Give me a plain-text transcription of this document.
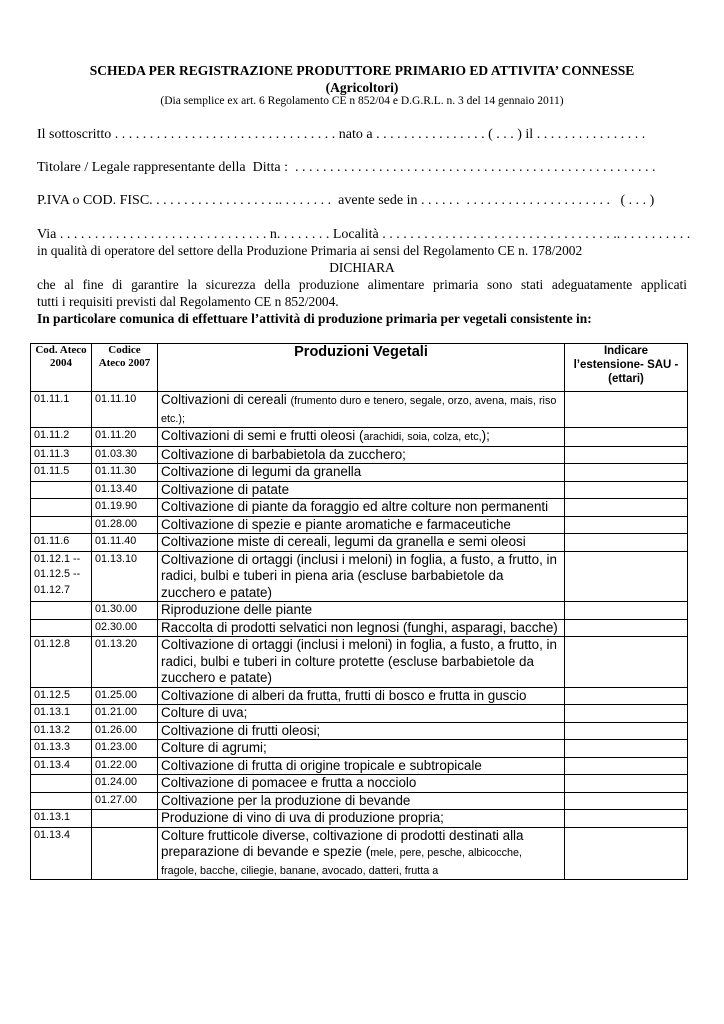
SCHEDA PER REGISTRAZIONE PRODUTTORE PRIMARIO ED ATTIVITA’ CONNESSE
(Agricoltori)
(Dia semplice ex art. 6 Regolamento CE n 852/04 e D.G.R.L. n. 3 del 14 gennaio 2011)
Il sottoscritto . . . . . . . . . . . . . . . . . . . . . . . . . . . . . . . . nato a . . . . . . . . . . . . . . . . ( . . . ) il . . . . . . . . . . . . . . . .
Titolare / Legale rappresentante della  Ditta :  . . . . . . . . . . . . . . . . . . . . . . . . . . . . . . . . . . . . . . . . . . . . . . . . . . . .
P.IVA o COD. FISC. . . . . . . . . . . . . . . . . . .. . . . . . . .  avente sede in . . . . . .  . . . . . . . . . . . . . . . . . . . . .   ( . . . )
Via . . . . . . . . . . . . . . . . . . . . . . . . . . . . . . n. . . . . . . . Località . . . . . . . . . . . . . . . . . . . . . . . . . . . . . . . . . .. . . . . . . . . . .
in qualità di operatore del settore della Produzione Primaria ai sensi del Regolamento CE n. 178/2002
DICHIARA
che al fine di garantire la sicurezza della produzione alimentare primaria sono stati adeguatamente applicati
tutti i requisiti previsti dal Regolamento CE n 852/2004.
In particolare comunica di effettuare l’attività di produzione primaria per vegetali consistente in:
Cod. Ateco 2004	Codice Ateco 2007	Produzioni Vegetali	Indicare l’estensione- SAU - (ettari)
01.11.1	01.11.10	Coltivazioni di cereali (frumento duro e tenero, segale, orzo, avena, mais, riso etc.);	
01.11.2	01.11.20	Coltivazioni di semi e frutti oleosi (arachidi, soia, colza, etc,);	
01.11.3	01.03.30	Coltivazione di barbabietola da zucchero;	
01.11.5	01.11.30	Coltivazione di legumi da granella	
	01.13.40	Coltivazione di patate	
	01.19.90	Coltivazione di piante da foraggio ed altre colture non permanenti	
	01.28.00	Coltivazione di spezie e piante aromatiche e farmaceutiche	
01.11.6	01.11.40	Coltivazione miste di cereali, legumi da granella e semi oleosi	
01.12.1 -- 01.12.5 -- 01.12.7	01.13.10	Coltivazione di ortaggi (inclusi i meloni) in foglia, a fusto, a frutto, in radici, bulbi e tuberi in piena aria (escluse barbabietole da zucchero e patate)	
	01.30.00	Riproduzione delle piante	
	02.30.00	Raccolta di prodotti selvatici non legnosi (funghi, asparagi, bacche)	
01.12.8	01.13.20	Coltivazione di ortaggi (inclusi i meloni) in foglia, a fusto, a frutto, in radici, bulbi e tuberi in colture protette (escluse barbabietole da zucchero e patate)	
01.12.5	01.25.00	Coltivazione di alberi da frutta, frutti di bosco e frutta in guscio	
01.13.1	01.21.00	Colture di uva;	
01.13.2	01.26.00	Coltivazione di frutti oleosi;	
01.13.3	01.23.00	Colture di agrumi;	
01.13.4	01.22.00	Coltivazione di frutta di origine tropicale e subtropicale	
	01.24.00	Coltivazione di pomacee e frutta a nocciolo	
	01.27.00	Coltivazione per la produzione di bevande	
01.13.1		Produzione di vino di uva di produzione propria;	
01.13.4		Colture frutticole diverse, coltivazione di prodotti destinati alla preparazione di bevande e spezie (mele, pere, pesche, albicocche, fragole, bacche, ciliegie, banane, avocado, datteri, frutta a	
